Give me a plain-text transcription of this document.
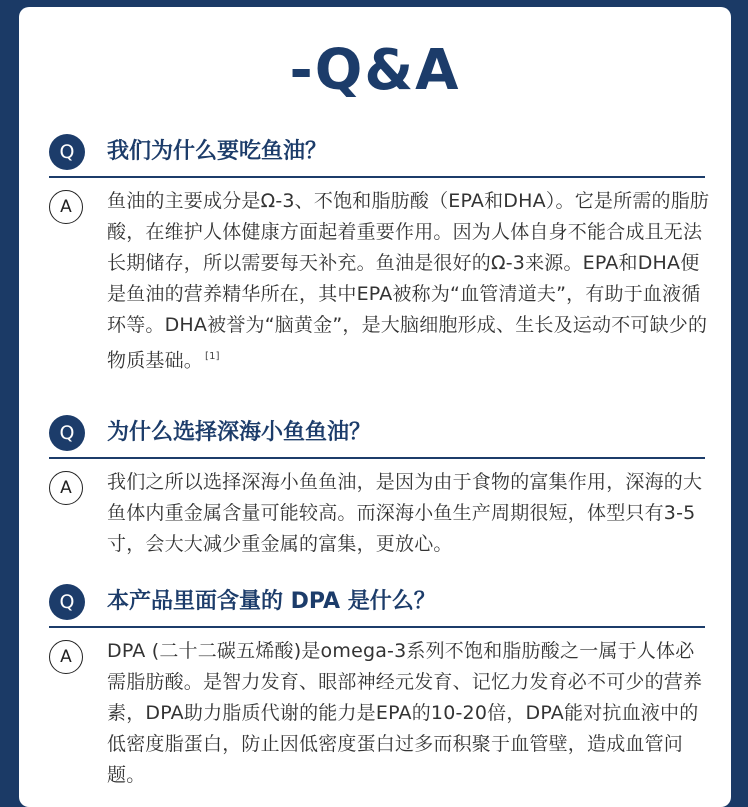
-Q&A
Q	我们为什么要吃鱼油？
A	鱼油的主要成分是Ω-3、不饱和脂肪酸（EPA和DHA）。它是所需的脂肪酸，在维护人体健康方面起着重要作用。因为人体自身不能合成且无法长期储存，所以需要每天补充。鱼油是很好的Ω-3来源。EPA和DHA便是鱼油的营养精华所在，其中EPA被称为“血管清道夫”，有助于血液循环等。DHA被誉为“脑黄金”，是大脑细胞形成、生长及运动不可缺少的物质基础。 [1]
Q	为什么选择深海小鱼鱼油？
A	我们之所以选择深海小鱼鱼油，是因为由于食物的富集作用，深海的大鱼体内重金属含量可能较高。而深海小鱼生产周期很短，体型只有3-5寸，会大大减少重金属的富集，更放心。
Q	本产品里面含量的 DPA 是什么？
A	DPA (二十二碳五烯酸)是omega-3系列不饱和脂肪酸之一属于人体必需脂肪酸。是智力发育、眼部神经元发育、记忆力发育必不可少的营养素，DPA助力脂质代谢的能力是EPA的10-20倍，DPA能对抗血液中的低密度脂蛋白，防止因低密度蛋白过多而积聚于血管壁，造成血管问题。
